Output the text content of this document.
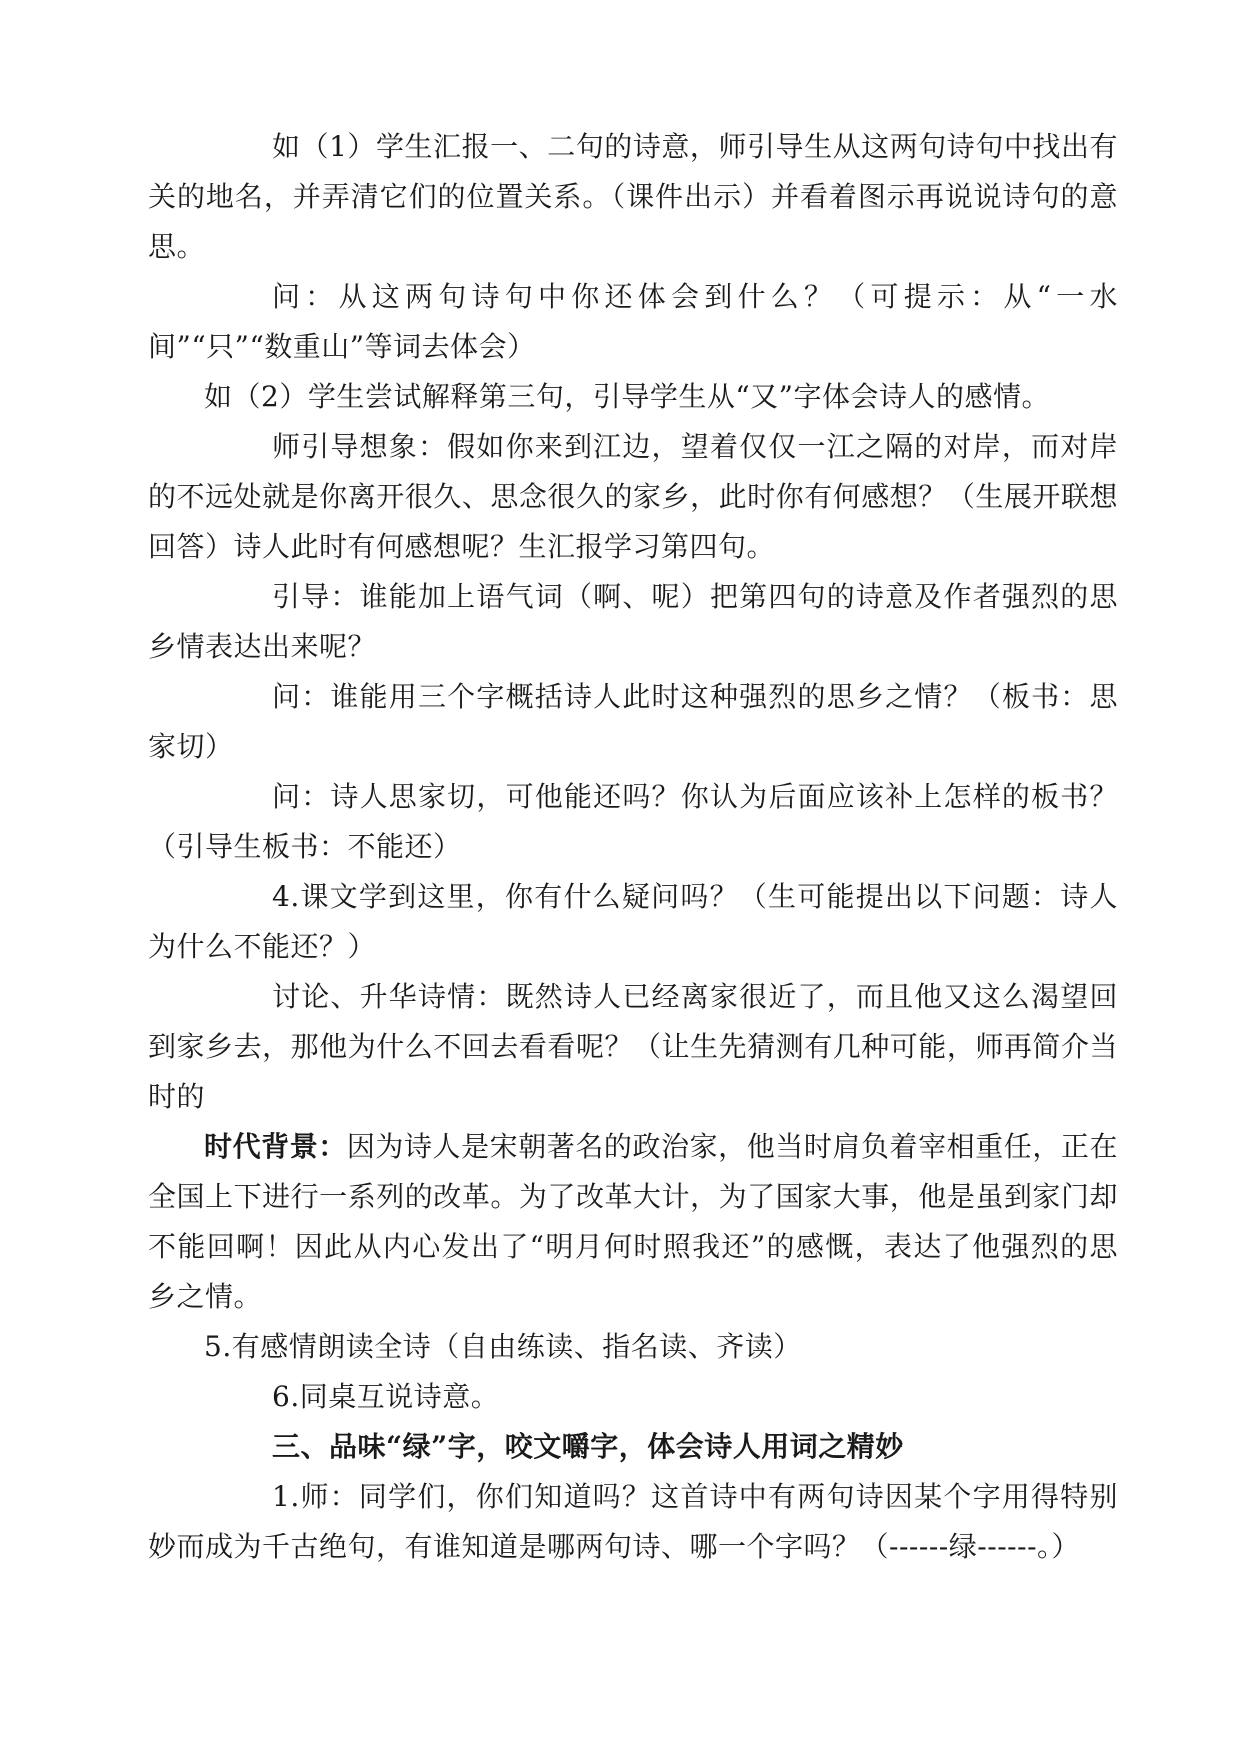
如（1）学生汇报一、二句的诗意，师引导生从这两句诗句中找出有关的地名，并弄清它们的位置关系。（课件出示）并看着图示再说说诗句的意思。

问：从这两句诗句中你还体会到什么？（可提示：从“一水间”“只”“数重山”等词去体会）

如（2）学生尝试解释第三句，引导学生从“又”字体会诗人的感情。

师引导想象：假如你来到江边，望着仅仅一江之隔的对岸，而对岸的不远处就是你离开很久、思念很久的家乡，此时你有何感想？（生展开联想回答）诗人此时有何感想呢？生汇报学习第四句。

引导：谁能加上语气词（啊、呢）把第四句的诗意及作者强烈的思乡情表达出来呢？

问：谁能用三个字概括诗人此时这种强烈的思乡之情？（板书：思家切）

问：诗人思家切，可他能还吗？你认为后面应该补上怎样的板书？（引导生板书：不能还）

4.课文学到这里，你有什么疑问吗？（生可能提出以下问题：诗人为什么不能还？）

讨论、升华诗情：既然诗人已经离家很近了，而且他又这么渴望回到家乡去，那他为什么不回去看看呢？（让生先猜测有几种可能，师再简介当时的

时代背景：因为诗人是宋朝著名的政治家，他当时肩负着宰相重任，正在全国上下进行一系列的改革。为了改革大计，为了国家大事，他是虽到家门却不能回啊！因此从内心发出了“明月何时照我还”的感慨，表达了他强烈的思乡之情。

5.有感情朗读全诗（自由练读、指名读、齐读）

6.同桌互说诗意。

三、品味“绿”字，咬文嚼字，体会诗人用词之精妙

1.师：同学们，你们知道吗？这首诗中有两句诗因某个字用得特别妙而成为千古绝句，有谁知道是哪两句诗、哪一个字吗？（------绿------。）
